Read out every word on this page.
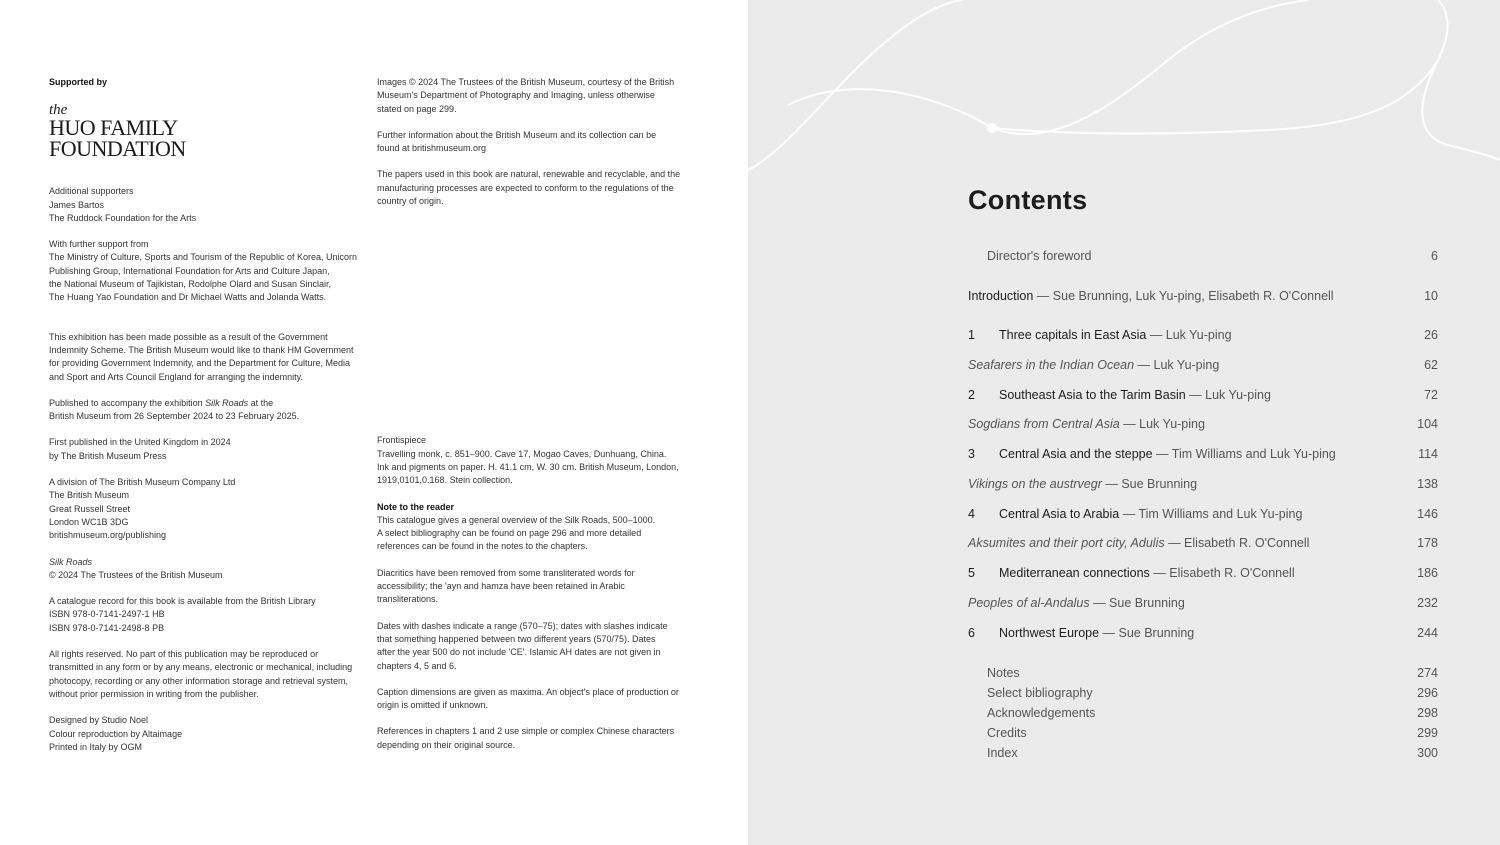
Supported by

the
HUO FAMILY
FOUNDATION

Additional supporters

James Bartos

The Ruddock Foundation for the Arts

With further support from

The Ministry of Culture, Sports and Tourism of the Republic of Korea, Unicorn

Publishing Group, International Foundation for Arts and Culture Japan,

the National Museum of Tajikistan, Rodolphe Olard and Susan Sinclair,

The Huang Yao Foundation and Dr Michael Watts and Jolanda Watts.

This exhibition has been made possible as a result of the Government

Indemnity Scheme. The British Museum would like to thank HM Government

for providing Government Indemnity, and the Department for Culture, Media

and Sport and Arts Council England for arranging the indemnity.

Published to accompany the exhibition Silk Roads at the

British Museum from 26 September 2024 to 23 February 2025.

First published in the United Kingdom in 2024

by The British Museum Press

A division of The British Museum Company Ltd

The British Museum

Great Russell Street

London WC1B 3DG

britishmuseum.org/publishing

Silk Roads

© 2024 The Trustees of the British Museum

A catalogue record for this book is available from the British Library

ISBN 978-0-7141-2497-1 HB

ISBN 978-0-7141-2498-8 PB

All rights reserved. No part of this publication may be reproduced or

transmitted in any form or by any means, electronic or mechanical, including

photocopy, recording or any other information storage and retrieval system,

without prior permission in writing from the publisher.

Designed by Studio Noel

Colour reproduction by Altaimage

Printed in Italy by OGM

Images © 2024 The Trustees of the British Museum, courtesy of the British

Museum's Department of Photography and Imaging, unless otherwise

stated on page 299.

Further information about the British Museum and its collection can be

found at britishmuseum.org

The papers used in this book are natural, renewable and recyclable, and the

manufacturing processes are expected to conform to the regulations of the

country of origin.

Frontispiece

Travelling monk, c. 851–900. Cave 17, Mogao Caves, Dunhuang, China.

Ink and pigments on paper. H. 41.1 cm, W. 30 cm. British Museum, London,

1919,0101,0.168. Stein collection.

Note to the reader

This catalogue gives a general overview of the Silk Roads, 500–1000.

A select bibliography can be found on page 296 and more detailed

references can be found in the notes to the chapters.

Diacritics have been removed from some transliterated words for

accessibility; the 'ayn and hamza have been retained in Arabic

transliterations.

Dates with dashes indicate a range (570–75); dates with slashes indicate

that something happened between two different years (570/75). Dates

after the year 500 do not include 'CE'. Islamic AH dates are not given in

chapters 4, 5 and 6.

Caption dimensions are given as maxima. An object's place of production or

origin is omitted if unknown.

References in chapters 1 and 2 use simple or complex Chinese characters

depending on their original source.

Contents
Director's foreword	6
Introduction — Sue Brunning, Luk Yu-ping, Elisabeth R. O'Connell	10
1 Three capitals in East Asia — Luk Yu-ping	26
Seafarers in the Indian Ocean — Luk Yu-ping	62
2 Southeast Asia to the Tarim Basin — Luk Yu-ping	72
Sogdians from Central Asia — Luk Yu-ping	104
3 Central Asia and the steppe — Tim Williams and Luk Yu-ping	114
Vikings on the austrvegr — Sue Brunning	138
4 Central Asia to Arabia — Tim Williams and Luk Yu-ping	146
Aksumites and their port city, Adulis — Elisabeth R. O'Connell	178
5 Mediterranean connections — Elisabeth R. O'Connell	186
Peoples of al-Andalus — Sue Brunning	232
6 Northwest Europe — Sue Brunning	244
Notes	274
Select bibliography	296
Acknowledgements	298
Credits	299
Index	300
